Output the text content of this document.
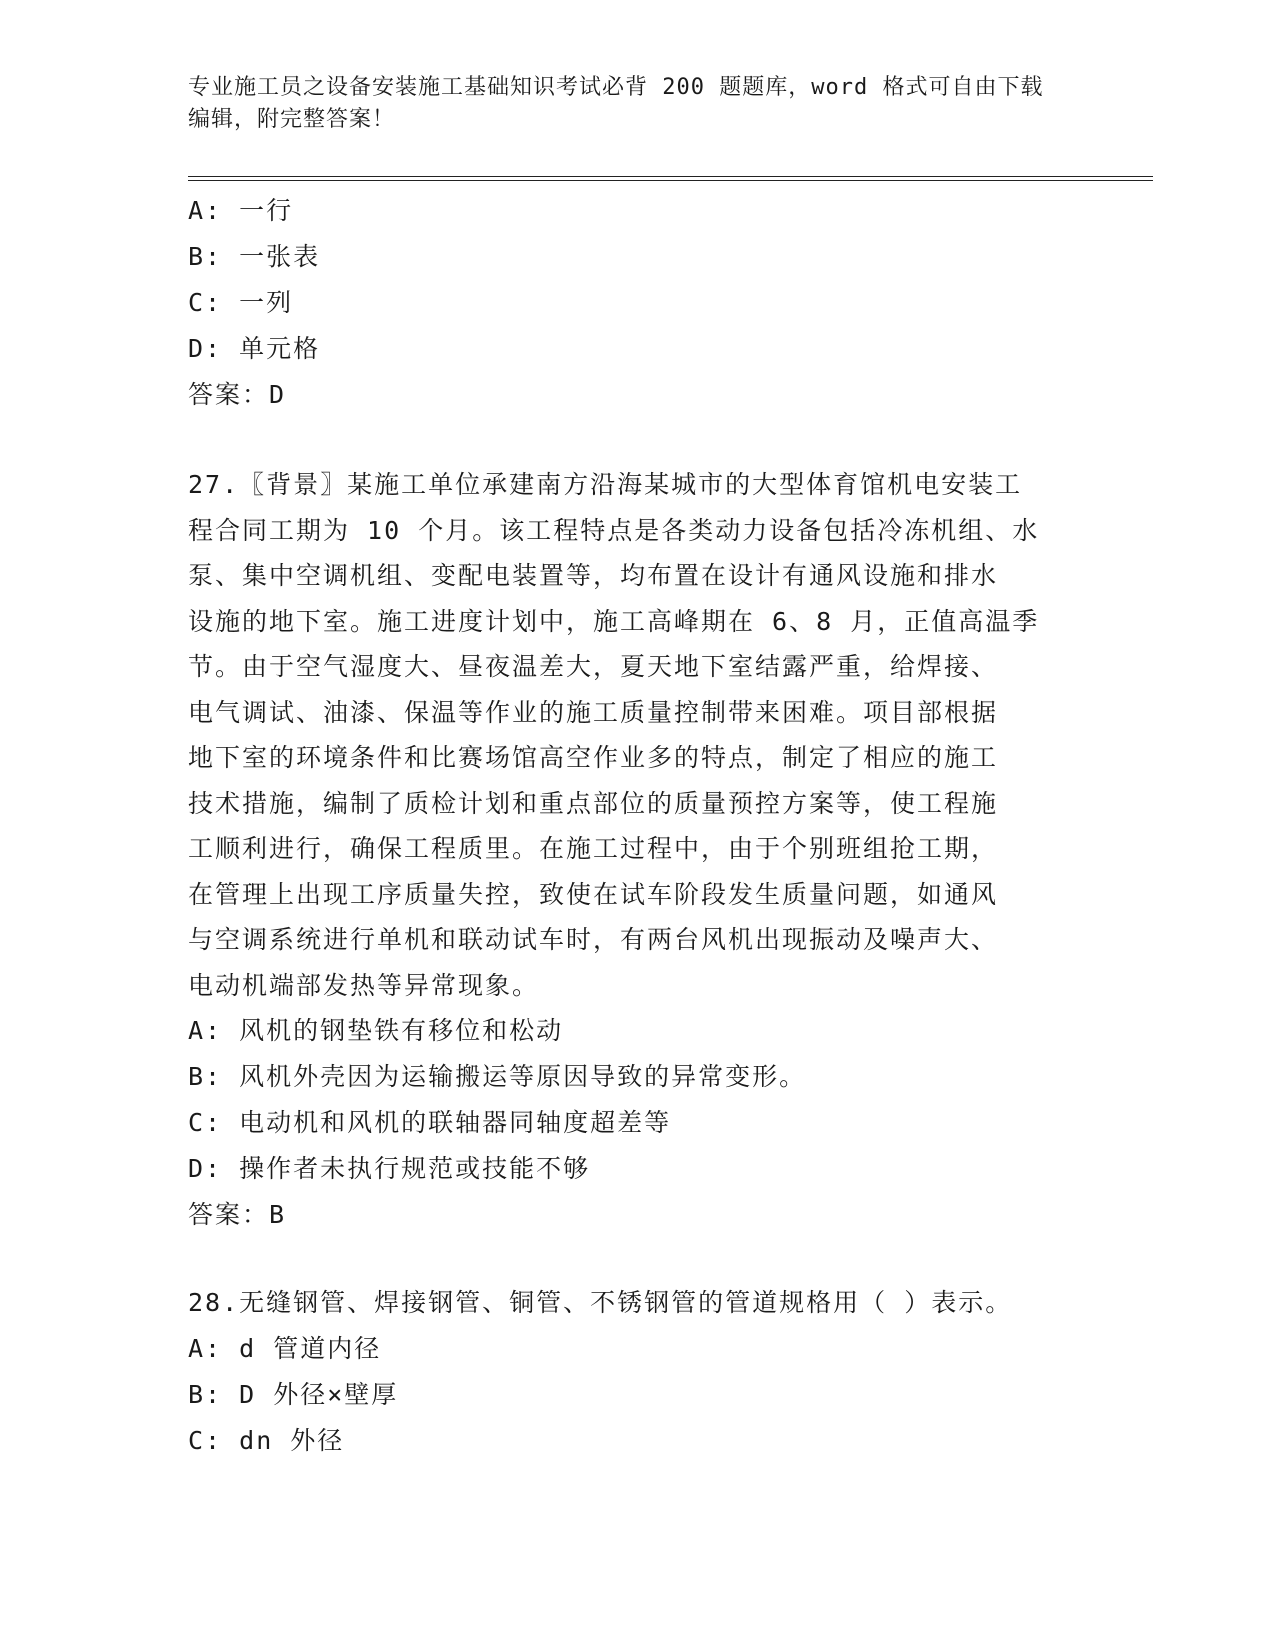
专业施工员之设备安装施工基础知识考试必背 200 题题库，word 格式可自由下载
编辑，附完整答案！
A: 一行
B: 一张表
C: 一列
D: 单元格
答案：D
27.〖背景〗某施工单位承建南方沿海某城市的大型体育馆机电安装工
程合同工期为 10 个月。该工程特点是各类动力设备包括冷冻机组、水
泵、集中空调机组、变配电装置等，均布置在设计有通风设施和排水
设施的地下室。施工进度计划中，施工高峰期在 6、8 月，正值高温季
节。由于空气湿度大、昼夜温差大，夏天地下室结露严重，给焊接、
电气调试、油漆、保温等作业的施工质量控制带来困难。项目部根据
地下室的环境条件和比赛场馆高空作业多的特点，制定了相应的施工
技术措施，编制了质检计划和重点部位的质量预控方案等，使工程施
工顺利进行，确保工程质里。在施工过程中，由于个别班组抢工期，
在管理上出现工序质量失控，致使在试车阶段发生质量问题，如通风
与空调系统进行单机和联动试车时，有两台风机出现振动及噪声大、
电动机端部发热等异常现象。
A: 风机的钢垫铁有移位和松动
B: 风机外壳因为运输搬运等原因导致的异常变形。
C: 电动机和风机的联轴器同轴度超差等
D: 操作者未执行规范或技能不够
答案：B
28.无缝钢管、焊接钢管、铜管、不锈钢管的管道规格用（ ）表示。
A: d 管道内径
B: D 外径×壁厚
C: dn 外径
